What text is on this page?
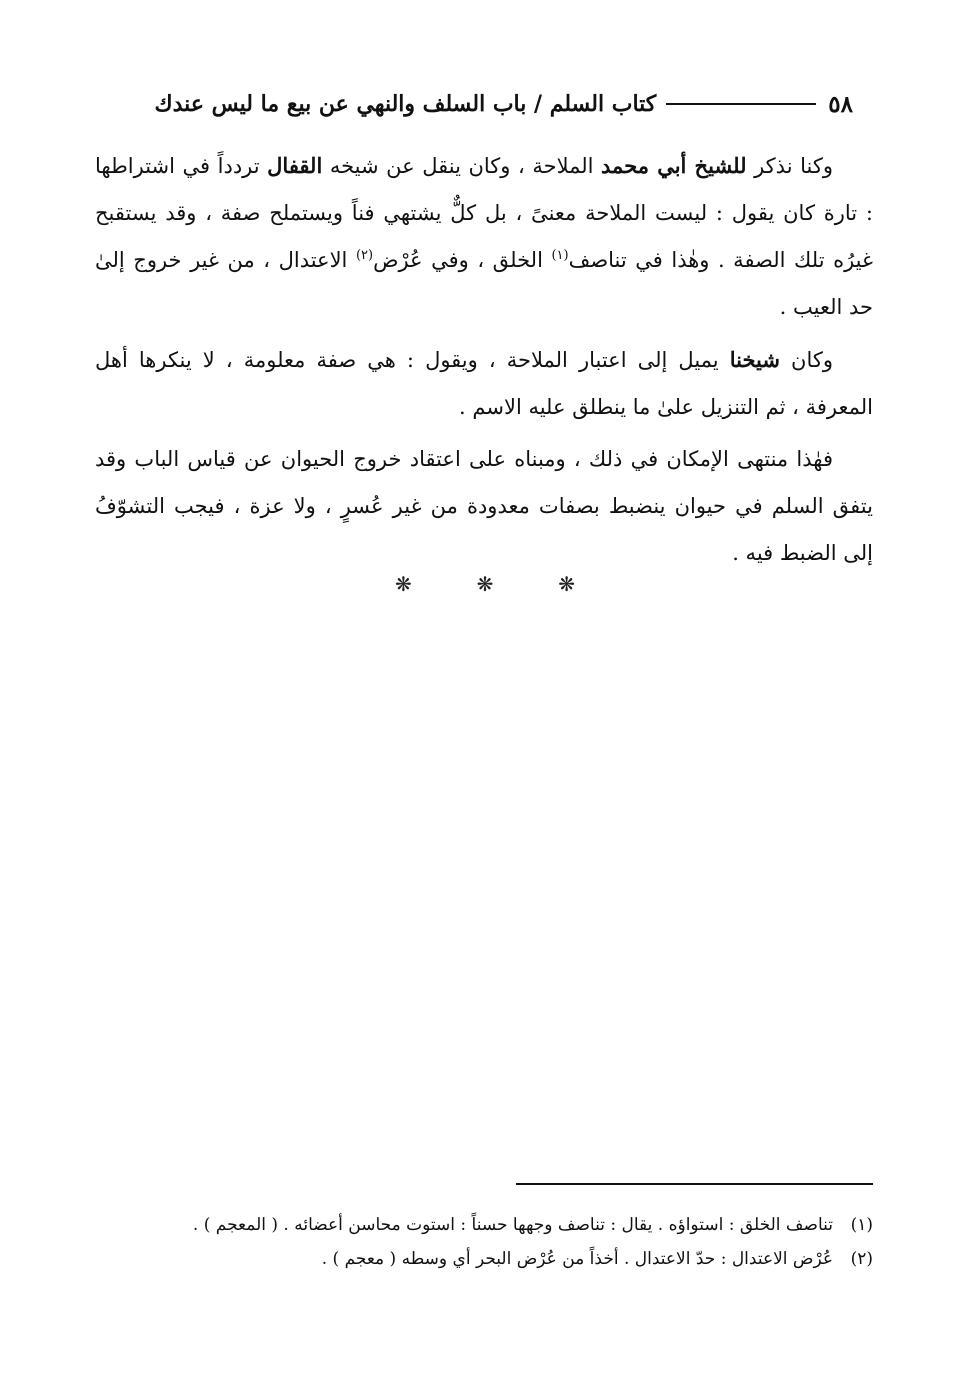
٥٨
كتاب السلم / باب السلف والنهي عن بيع ما ليس عندك

وكنا نذكر للشيخ أبي محمد الملاحة ، وكان ينقل عن شيخه القفال تردداً في اشتراطها : تارة كان يقول : ليست الملاحة معنىً ، بل كلٌّ يشتهي فناً ويستملح صفة ، وقد يستقبح غيرُه تلك الصفة . وهٰذا في تناصف$^{(١)}$ الخلق ، وفي عُرْض$^{(٢)}$ الاعتدال ، من غير خروج إلىٰ حد العيب .

وكان شيخنا يميل إلى اعتبار الملاحة ، ويقول : هي صفة معلومة ، لا ينكرها أهل المعرفة ، ثم التنزيل علىٰ ما ينطلق عليه الاسم .

فهٰذا منتهى الإمكان في ذلك ، ومبناه على اعتقاد خروج الحيوان عن قياس الباب وقد يتفق السلم في حيوان ينضبط بصفات معدودة من غير عُسرٍ ، ولا عزة ، فيجب التشوّفُ إلى الضبط فيه .

❋
❋
❋
(١)
تناصف الخلق : استواؤه . يقال : تناصف وجهها حسناً : استوت محاسن أعضائه . ( المعجم ) .
(٢)
عُرْض الاعتدال : حدّ الاعتدال . أخذاً من عُرْض البحر أي وسطه ( معجم ) .
